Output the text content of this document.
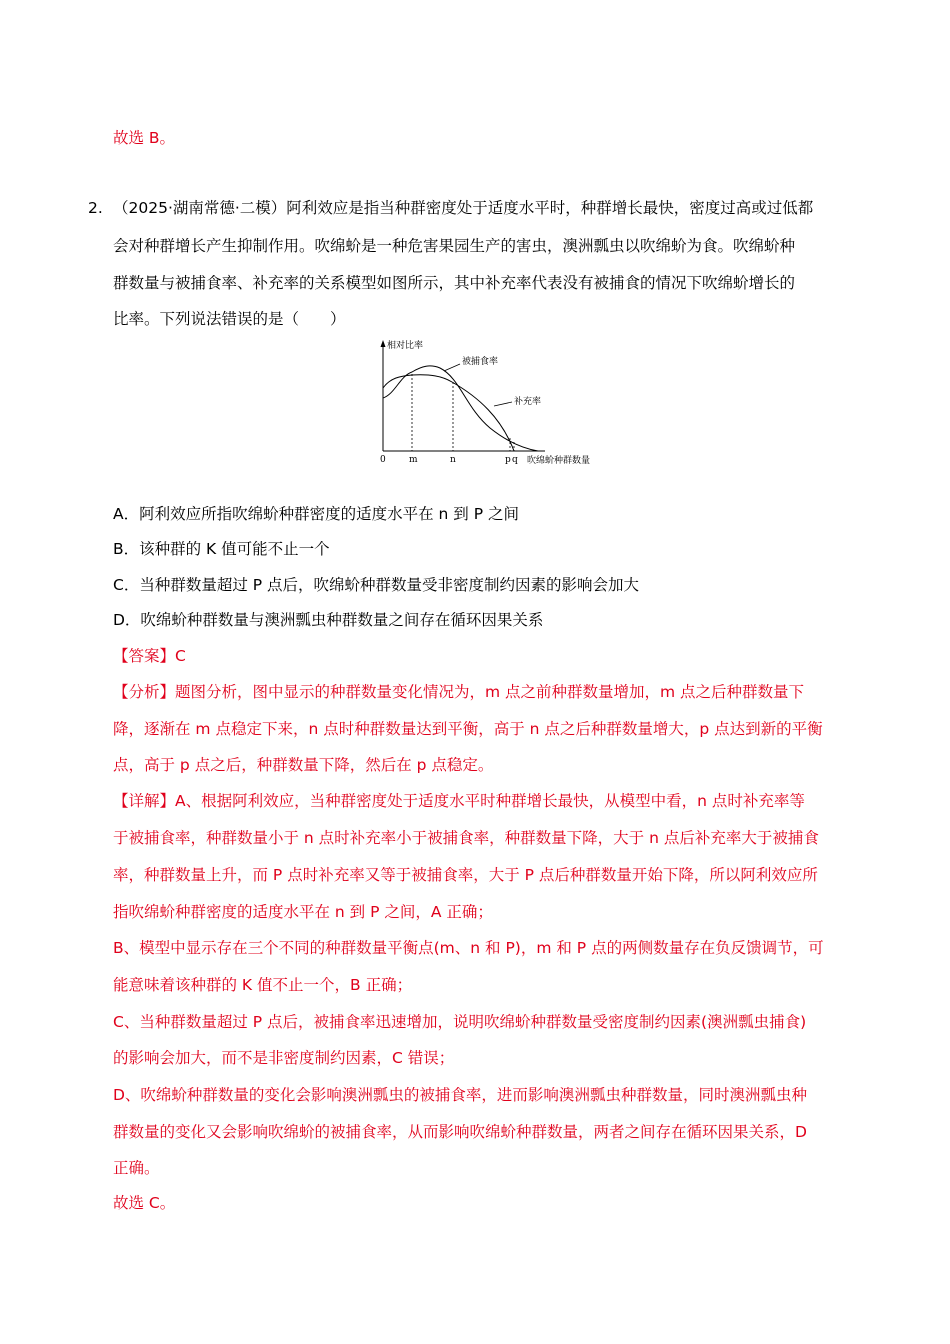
故选 B。
2. （2025·湖南常德·二模）阿利效应是指当种群密度处于适度水平时，种群增长最快，密度过高或过低都
会对种群增长产生抑制作用。吹绵蚧是一种危害果园生产的害虫，澳洲瓢虫以吹绵蚧为食。吹绵蚧种
群数量与被捕食率、补充率的关系模型如图所示，其中补充率代表没有被捕食的情况下吹绵蚧增长的
比率。下列说法错误的是（　　）
相对比率
被捕食率
补充率
0	m	n	p q 吹绵蚧种群数量
A．阿利效应所指吹绵蚧种群密度的适度水平在 n 到 P 之间
B．该种群的 K 值可能不止一个
C．当种群数量超过 P 点后，吹绵蚧种群数量受非密度制约因素的影响会加大
D．吹绵蚧种群数量与澳洲瓢虫种群数量之间存在循环因果关系
【答案】C
【分析】题图分析，图中显示的种群数量变化情况为，m 点之前种群数量增加，m 点之后种群数量下
降，逐渐在 m 点稳定下来，n 点时种群数量达到平衡，高于 n 点之后种群数量增大，p 点达到新的平衡
点，高于 p 点之后，种群数量下降，然后在 p 点稳定。
【详解】A、根据阿利效应，当种群密度处于适度水平时种群增长最快，从模型中看，n 点时补充率等
于被捕食率，种群数量小于 n 点时补充率小于被捕食率，种群数量下降，大于 n 点后补充率大于被捕食
率，种群数量上升，而 P 点时补充率又等于被捕食率，大于 P 点后种群数量开始下降，所以阿利效应所
指吹绵蚧种群密度的适度水平在 n 到 P 之间，A 正确；
B、模型中显示存在三个不同的种群数量平衡点(m、n 和 P)，m 和 P 点的两侧数量存在负反馈调节，可
能意味着该种群的 K 值不止一个，B 正确；
C、当种群数量超过 P 点后，被捕食率迅速增加，说明吹绵蚧种群数量受密度制约因素(澳洲瓢虫捕食)
的影响会加大，而不是非密度制约因素，C 错误；
D、吹绵蚧种群数量的变化会影响澳洲瓢虫的被捕食率，进而影响澳洲瓢虫种群数量，同时澳洲瓢虫种
群数量的变化又会影响吹绵蚧的被捕食率，从而影响吹绵蚧种群数量，两者之间存在循环因果关系，D
正确。
故选 C。
